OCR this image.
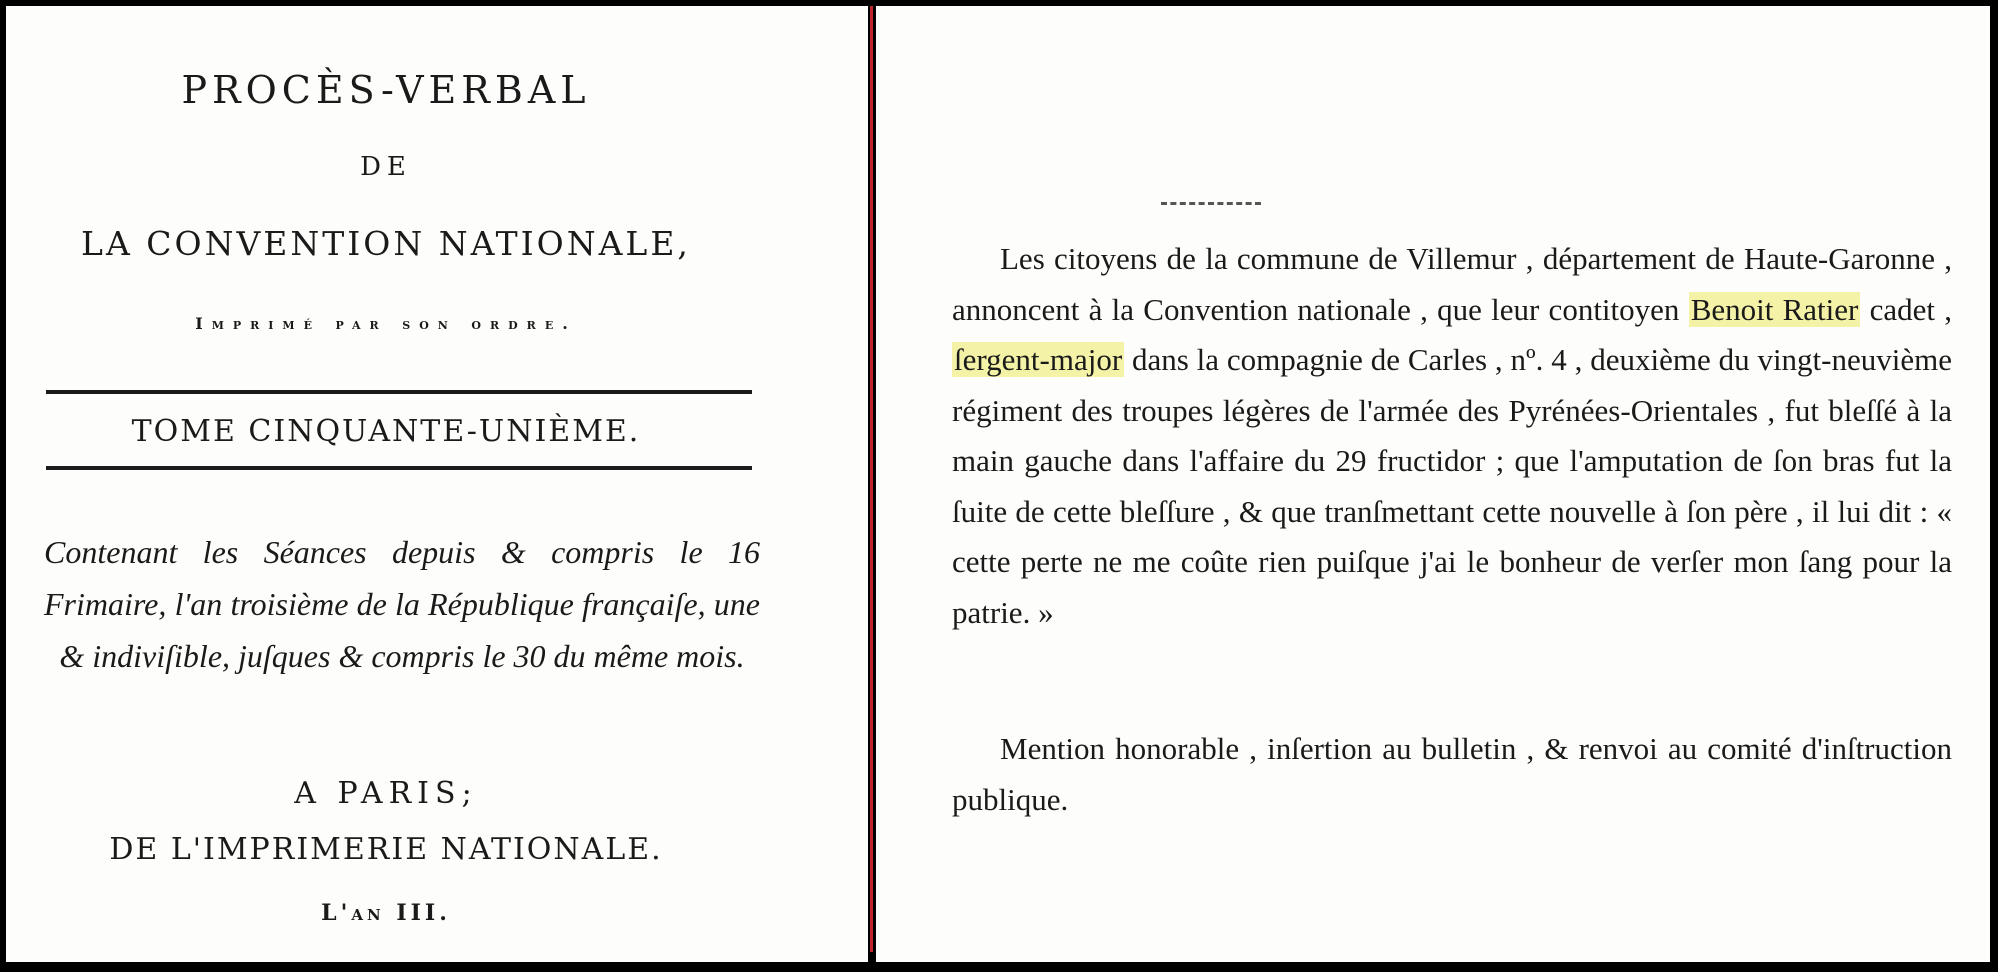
PROCÈS-VERBAL
DE
LA CONVENTION NATIONALE,
Imprimé par son ordre.
TOME CINQUANTE-UNIÈME.
Contenant les Séances depuis & compris le 16 Frimaire, l'an troisième de la République françaiſe, une & indiviſible, juſques & compris le 30 du même mois.
A PARIS;
DE L'IMPRIMERIE NATIONALE.
L'an III.
Les citoyens de la commune de Villemur , département de Haute-Garonne , annoncent à la Convention nationale , que leur contitoyen Benoit Ratier cadet , ſergent-major dans la compagnie de Carles , nº. 4 , deuxième du vingt-neuvième régiment des troupes légères de l'armée des Pyrénées-Orientales , fut bleſſé à la main gauche dans l'affaire du 29 fructidor ; que l'amputation de ſon bras fut la ſuite de cette bleſſure , & que tranſmettant cette nouvelle à ſon père , il lui dit : « cette perte ne me coûte rien puiſque j'ai le bonheur de verſer mon ſang pour la patrie. »
Mention honorable , inſertion au bulletin , & renvoi au comité d'inſtruction publique.
